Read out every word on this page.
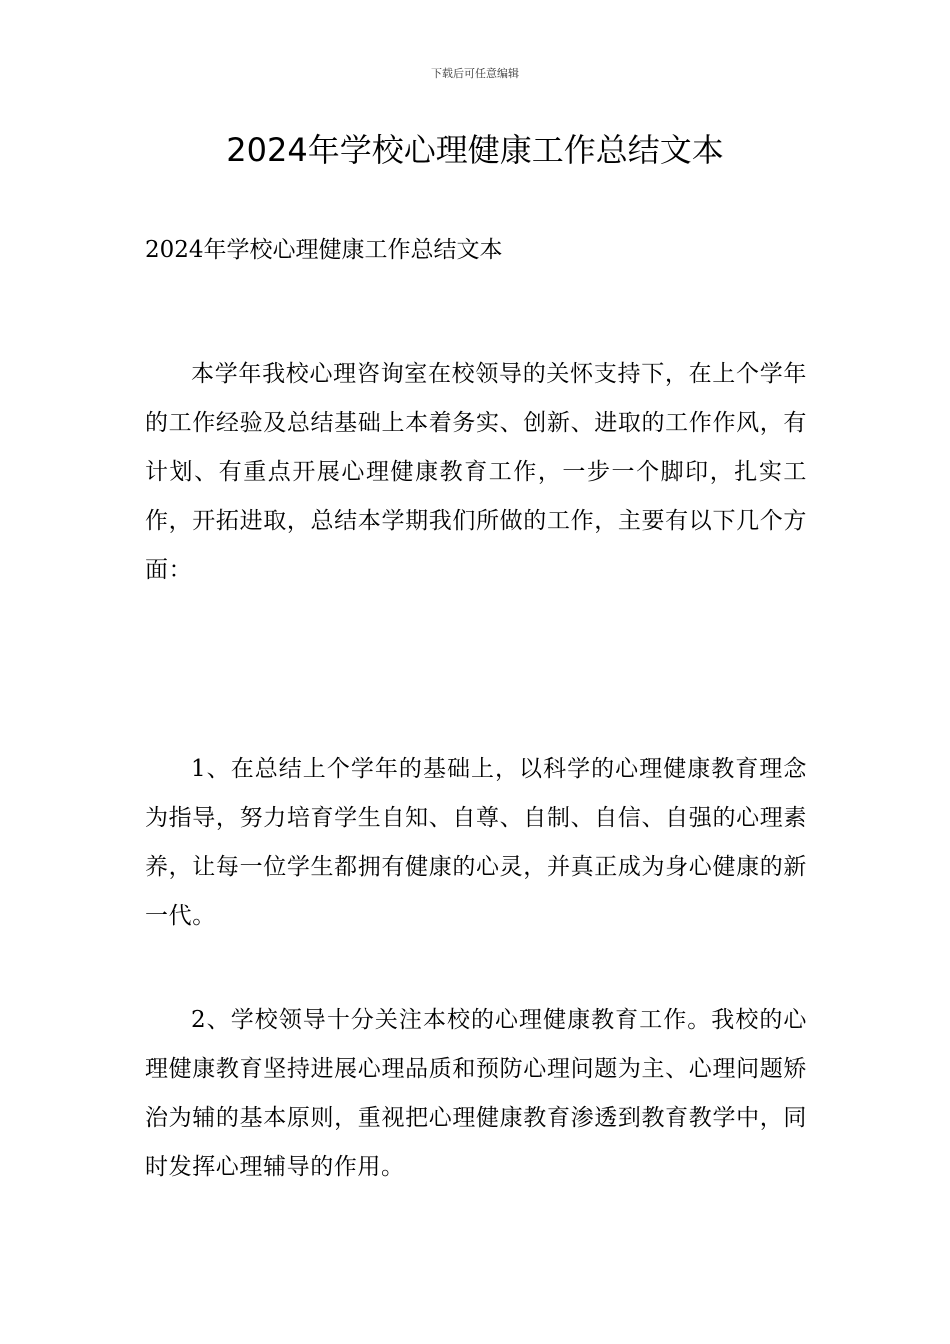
下载后可任意编辑
2024年学校心理健康工作总结文本
2024年学校心理健康工作总结文本

本学年我校心理咨询室在校领导的关怀支持下，在上个学年的工作经验及总结基础上本着务实、创新、进取的工作作风，有计划、有重点开展心理健康教育工作，一步一个脚印，扎实工作，开拓进取，总结本学期我们所做的工作，主要有以下几个方面：

1、在总结上个学年的基础上，以科学的心理健康教育理念为指导，努力培育学生自知、自尊、自制、自信、自强的心理素养，让每一位学生都拥有健康的心灵，并真正成为身心健康的新一代。

2、学校领导十分关注本校的心理健康教育工作。我校的心理健康教育坚持进展心理品质和预防心理问题为主、心理问题矫治为辅的基本原则，重视把心理健康教育渗透到教育教学中，同时发挥心理辅导的作用。
